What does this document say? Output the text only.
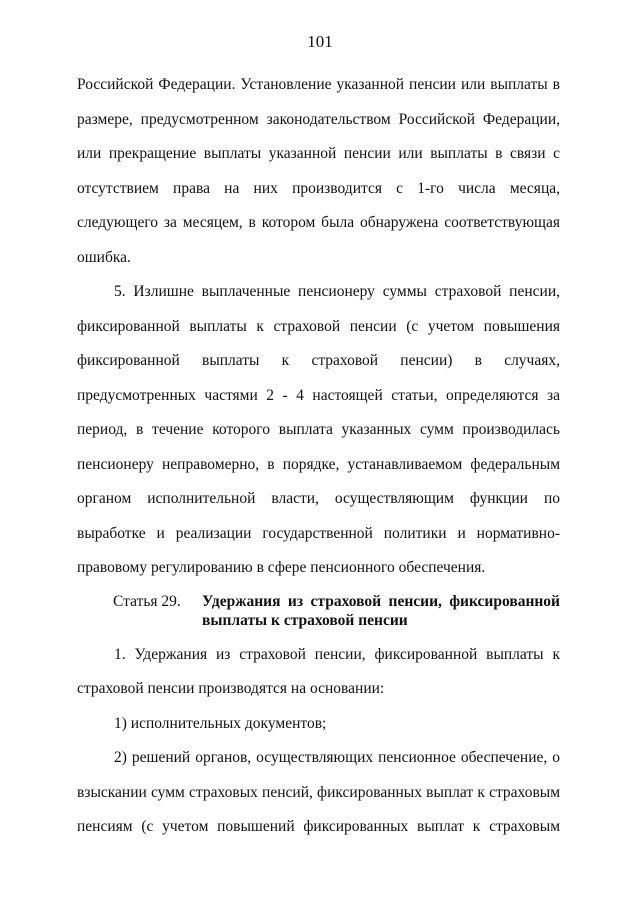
101

Российской Федерации. Установление указанной пенсии или выплаты в размере, предусмотренном законодательством Российской Федерации, или прекращение выплаты указанной пенсии или выплаты в связи с отсутствием права на них производится с 1-го числа месяца, следующего за месяцем, в котором была обнаружена соответствующая ошибка.

5. Излишне выплаченные пенсионеру суммы страховой пенсии, фиксированной выплаты к страховой пенсии (с учетом повышения фиксированной выплаты к страховой пенсии) в случаях, предусмотренных частями 2 - 4 настоящей статьи, определяются за период, в течение которого выплата указанных сумм производилась пенсионеру неправомерно, в порядке, устанавливаемом федеральным органом исполнительной власти, осуществляющим функции по выработке и реализации государственной политики и нормативно-правовому регулированию в сфере пенсионного обеспечения.

Статья 29.	Удержания из страховой пенсии, фиксированной
выплаты к страховой пенсии

1. Удержания из страховой пенсии, фиксированной выплаты к страховой пенсии производятся на основании:

1) исполнительных документов;

2) решений органов, осуществляющих пенсионное обеспечение, о взыскании сумм страховых пенсий, фиксированных выплат к страховым пенсиям (с учетом повышений фиксированных выплат к страховым
